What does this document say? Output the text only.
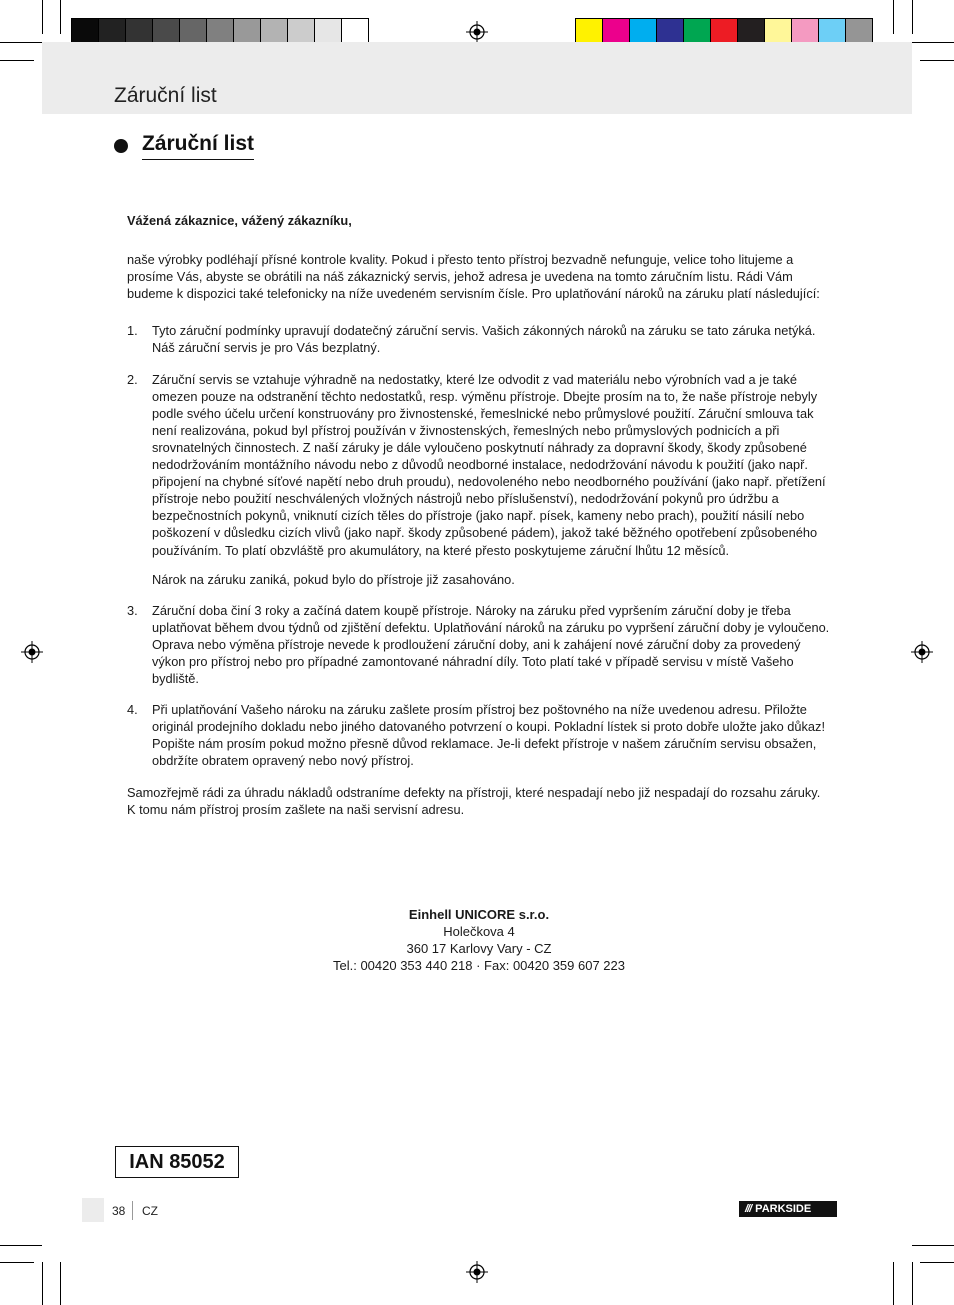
Záruční list
Záruční list

Vážená zákaznice, vážený zákazníku,

naše výrobky podléhají přísné kontrole kvality. Pokud i přesto tento přístroj bezvadně nefunguje, velice toho litujeme a prosíme Vás, abyste se obrátili na náš zákaznický servis, jehož adresa je uvedena na tomto záručním listu. Rádi Vám budeme k dispozici také telefonicky na níže uvedeném servisním čísle. Pro uplatňování nároků na záruku platí následující:

1. Tyto záruční podmínky upravují dodatečný záruční servis. Vašich zákonných nároků na záruku se tato záruka netýká. Náš záruční servis je pro Vás bezplatný.
2. Záruční servis se vztahuje výhradně na nedostatky, které lze odvodit z vad materiálu nebo výrobních vad a je také omezen pouze na odstranění těchto nedostatků, resp. výměnu přístroje. Dbejte prosím na to, že naše přístroje nebyly podle svého účelu určení konstruovány pro živnostenské, řemeslnické nebo průmyslové použití. Záruční smlouva tak není realizována, pokud byl přístroj používán v živnostenských, řemeslných nebo průmyslových podnicích a při srovnatelných činnostech. Z naší záruky je dále vyloučeno poskytnutí náhrady za dopravní škody, škody způsobené nedodržováním montážního návodu nebo z důvodů neodborné instalace, nedodržování návodu k použití (jako např. připojení na chybné síťové napětí nebo druh proudu), nedovoleného nebo neodborného používání (jako např. přetížení přístroje nebo použití neschválených vložných nástrojů nebo příslušenství), nedodržování pokynů pro údržbu a bezpečnostních pokynů, vniknutí cizích těles do přístroje (jako např. písek, kameny nebo prach), použití násilí nebo poškození v důsledku cizích vlivů (jako např. škody způsobené pádem), jakož také běžného opotřebení způsobeného používáním. To platí obzvláště pro akumulátory, na které přesto poskytujeme záruční lhůtu 12 měsíců.

Nárok na záruku zaniká, pokud bylo do přístroje již zasahováno.

3. Záruční doba činí 3 roky a začíná datem koupě přístroje. Nároky na záruku před vypršením záruční doby je třeba uplatňovat během dvou týdnů od zjištění defektu. Uplatňování nároků na záruku po vypršení záruční doby je vyloučeno. Oprava nebo výměna přístroje nevede k prodloužení záruční doby, ani k zahájení nové záruční doby za provedený výkon pro přístroj nebo pro případné zamontované náhradní díly. Toto platí také v případě servisu v místě Vašeho bydliště.
4. Při uplatňování Vašeho nároku na záruku zašlete prosím přístroj bez poštovného na níže uvedenou adresu. Přiložte originál prodejního dokladu nebo jiného datovaného potvrzení o koupi. Pokladní lístek si proto dobře uložte jako důkaz! Popište nám prosím pokud možno přesně důvod reklamace. Je-li defekt přístroje v našem záručním servisu obsažen, obdržíte obratem opravený nebo nový přístroj.

Samozřejmě rádi za úhradu nákladů odstraníme defekty na přístroji, které nespadají nebo již nespadají do rozsahu záruky. K tomu nám přístroj prosím zašlete na naši servisní adresu.

Einhell UNICORE s.r.o.
Holečkova 4
360 17 Karlovy Vary - CZ
Tel.: 00420 353 440 218 · Fax: 00420 359 607 223
IAN 85052
38 CZ	/// PARKSIDE
